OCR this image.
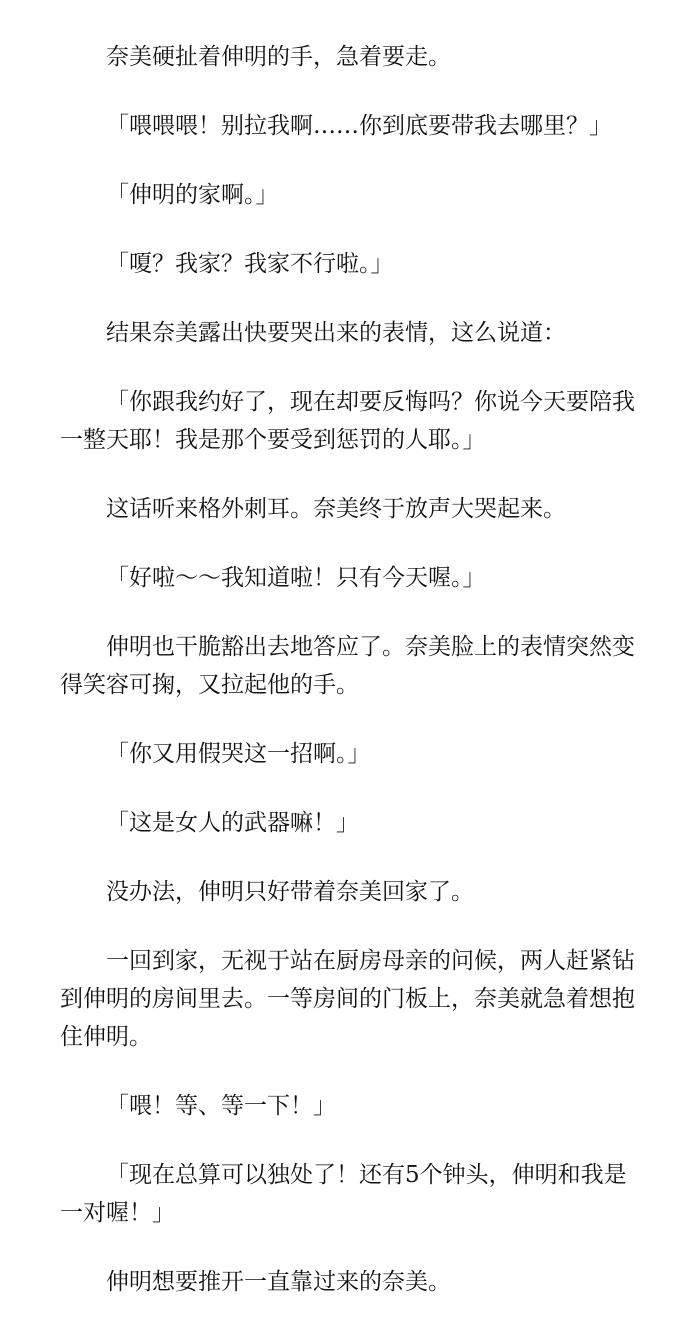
奈美硬扯着伸明的手，急着要走。

「喂喂喂！别拉我啊……你到底要带我去哪里？」

「伸明的家啊。」

「嗄？我家？我家不行啦。」

结果奈美露出快要哭出来的表情，这么说道：

「你跟我约好了，现在却要反悔吗？你说今天要陪我一整天耶！我是那个要受到惩罚的人耶。」

这话听来格外刺耳。奈美终于放声大哭起来。

「好啦～～我知道啦！只有今天喔。」

伸明也干脆豁出去地答应了。奈美脸上的表情突然变得笑容可掬，又拉起他的手。

「你又用假哭这一招啊。」

「这是女人的武器嘛！」

没办法，伸明只好带着奈美回家了。

一回到家，无视于站在厨房母亲的问候，两人赶紧钻到伸明的房间里去。一等房间的门板上，奈美就急着想抱住伸明。

「喂！等、等一下！」

「现在总算可以独处了！还有5个钟头，伸明和我是一对喔！」

伸明想要推开一直靠过来的奈美。
